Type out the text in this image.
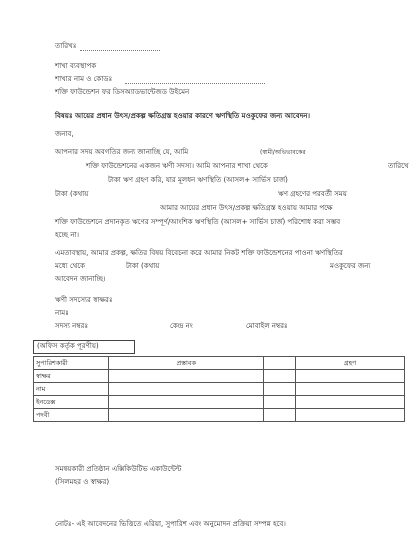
তারিখঃ
শাখা ব্যবস্থাপক
শাখার নাম ও কোডঃ
শক্তি ফাউন্ডেশন ফর ডিসঅ্যাডভান্টেজড উইমেন
বিষয়ঃ আয়ের প্রধান উৎস/প্রকল্প ক্ষতিগ্রস্ত হওয়ার কারণে ঋণস্থিতি মওকুফের জন্য আবেদন।
জনাব,
আপনার সদয় অবগতির জন্য জানাচ্ছি যে, আমি	(স্বামী/অভিভাবকের
শক্তি ফাউন্ডেশনের একজন ঋণী সদস্য। আমি আপনার শাখা থেকে	তারিখে
টাকা ঋণ গ্রহণ করি, যার মূলধন ঋণস্থিতি (আসল+ সার্ভিস চার্জ)
টাকা (কথায়	ঋণ গ্রহণের পরবর্তী সময়
আমার আয়ের প্রধান উৎস/প্রকল্প ক্ষতিগ্রস্ত হওয়ায় আমার পক্ষে
শক্তি ফাউন্ডেশনে প্রদানকৃত ঋণের সম্পূর্ণ/আংশিক ঋণস্থিতি (আসল+ সার্ভিস চার্জ) পরিশোধ করা সম্ভব
হচ্ছে না।
এমতাবস্থায়, আমার প্রকল্প, ক্ষতির বিষয় বিবেচনা করে আমার নিকট শক্তি ফাউন্ডেশনের পাওনা ঋণস্থিতির
মধ্যে থেকে	টাকা (কথায়	মওকুফের জন্য
আবেদন জানাচ্ছি।
ঋণী সদস্যের স্বাক্ষরঃ
নামঃ
সদস্য নম্বরঃ	কেন্দ্র নং	মোবাইল নম্বরঃ
(অফিস কর্তৃক পূরণীয়)
সুপারিশকারী	প্রস্তাবক		গ্রহণ
স্বাক্ষর			
নাম			
ইনডেক্স			
পদবী			
সমন্বয়কারী প্রতিষ্ঠান এক্সিকিউটিভ একাউন্টেন্ট
(সিলমহর ও স্বাক্ষর)
নোটঃ- এই আবেদনের ভিত্তিতে এরিয়া, সুপারিশ এবং অনুমোদন প্রক্রিয়া সম্পন্ন হবে।
